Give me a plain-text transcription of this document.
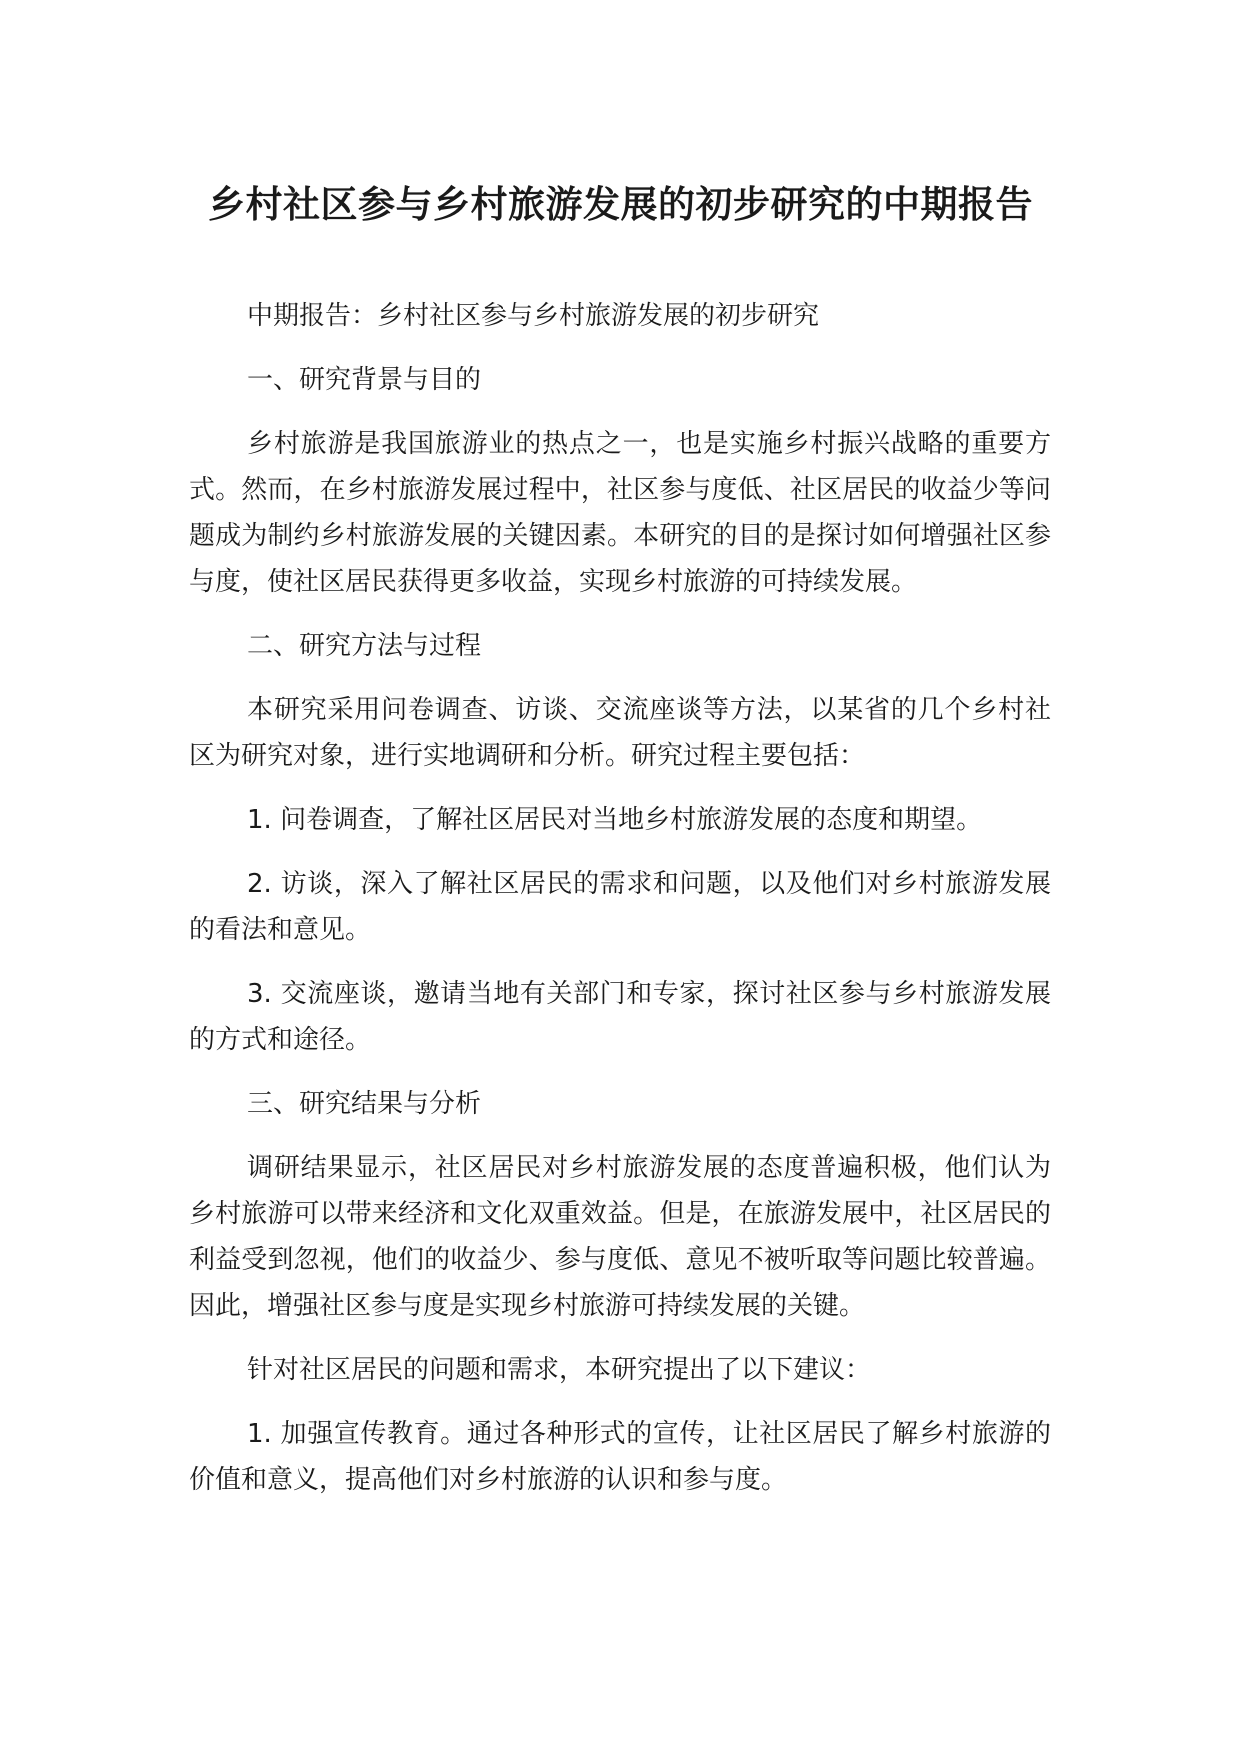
乡村社区参与乡村旅游发展的初步研究的中期报告

中期报告：乡村社区参与乡村旅游发展的初步研究

一、研究背景与目的

乡村旅游是我国旅游业的热点之一，也是实施乡村振兴战略的重要方式。然而，在乡村旅游发展过程中，社区参与度低、社区居民的收益少等问题成为制约乡村旅游发展的关键因素。本研究的目的是探讨如何增强社区参与度，使社区居民获得更多收益，实现乡村旅游的可持续发展。

二、研究方法与过程

本研究采用问卷调查、访谈、交流座谈等方法，以某省的几个乡村社区为研究对象，进行实地调研和分析。研究过程主要包括：

1. 问卷调查，了解社区居民对当地乡村旅游发展的态度和期望。

2. 访谈，深入了解社区居民的需求和问题，以及他们对乡村旅游发展的看法和意见。

3. 交流座谈，邀请当地有关部门和专家，探讨社区参与乡村旅游发展的方式和途径。

三、研究结果与分析

调研结果显示，社区居民对乡村旅游发展的态度普遍积极，他们认为乡村旅游可以带来经济和文化双重效益。但是，在旅游发展中，社区居民的利益受到忽视，他们的收益少、参与度低、意见不被听取等问题比较普遍。因此，增强社区参与度是实现乡村旅游可持续发展的关键。

针对社区居民的问题和需求，本研究提出了以下建议：

1. 加强宣传教育。通过各种形式的宣传，让社区居民了解乡村旅游的价值和意义，提高他们对乡村旅游的认识和参与度。
